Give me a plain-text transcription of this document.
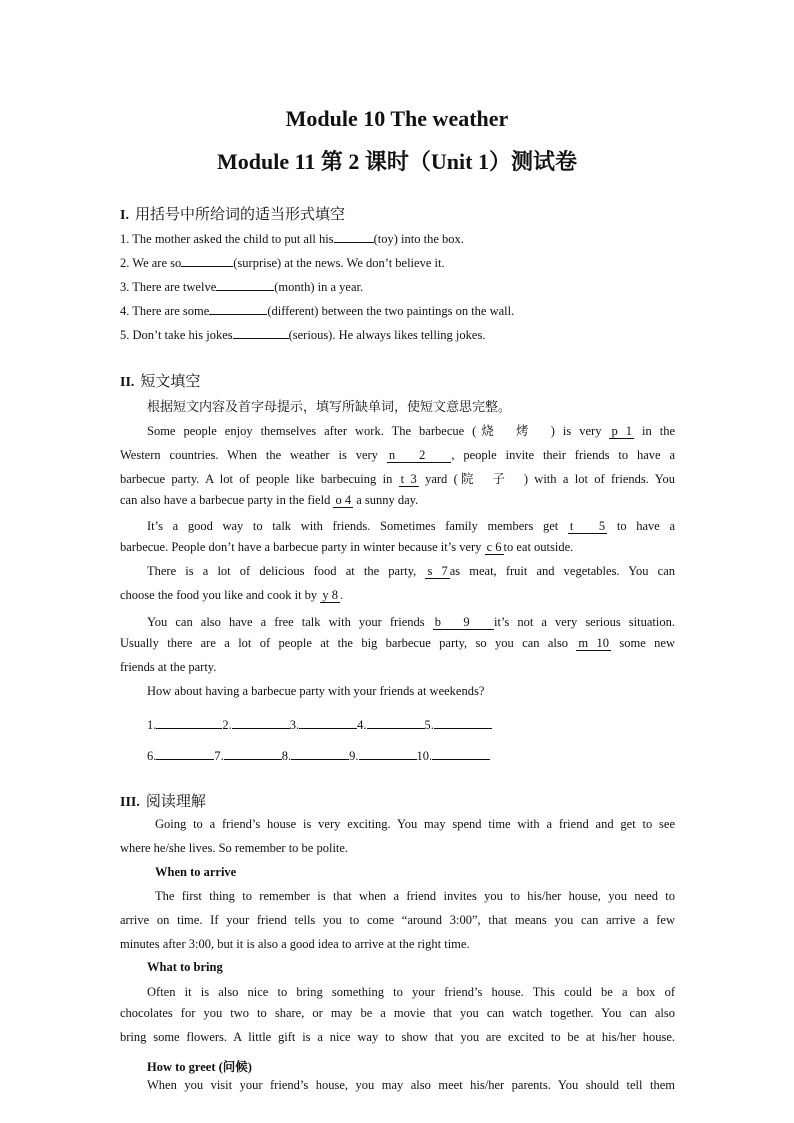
Module 10 The weather
Module 11 第 2 课时（Unit 1）测试卷
I. 用括号中所给词的适当形式填空
1. The mother asked the child to put all his	(toy) into the box.
2. We are so	(surprise) at the news. We don’t believe it.
3. There are twelve	(month) in a year.
4. There are some	(different) between the two paintings on the wall.
5. Don’t take his jokes	(serious). He always likes telling jokes.
II. 短文填空
根据短文内容及首字母提示，填写所缺单词，使短文意思完整。
Some people enjoy themselves after work. The barbecue (烧　烤　) is very p 1 in the
Western countries. When the weather is very n　2　, people invite their friends to have a
barbecue party. A lot of people like barbecuing in t 3 yard (院　子　) with a lot of friends. You
can also have a barbecue party in the field o 4 a sunny day.
It’s a good way to talk with friends. Sometimes family members get t　5 to have a
barbecue. People don’t have a barbecue party in winter because it’s very c 6 to eat outside.
There is a lot of delicious food at the party, s 7 as meat, fruit and vegetables. You can
choose the food you like and cook it by y 8 .
You can also have a free talk with your friends b　9　it’s not a very serious situation.
Usually there are a lot of people at the big barbecue party, so you can also m 10 some new
friends at the party.
How about having a barbecue party with your friends at weekends?
1.	2.	3.	4.	5.
6.	7.	8.	9.	10.
III. 阅读理解
Going to a friend’s house is very exciting. You may spend time with a friend and get to see
where he/she lives. So remember to be polite.
When to arrive
The first thing to remember is that when a friend invites you to his/her house, you need to
arrive on time. If your friend tells you to come “around 3:00”, that means you can arrive a few
minutes after 3:00, but it is also a good idea to arrive at the right time.
What to bring
Often it is also nice to bring something to your friend’s house. This could be a box of
chocolates for you two to share, or may be a movie that you can watch together. You can also
bring some flowers. A little gift is a nice way to show that you are excited to be at his/her house.
How to greet (问候)
When you visit your friend’s house, you may also meet his/her parents. You should tell them
